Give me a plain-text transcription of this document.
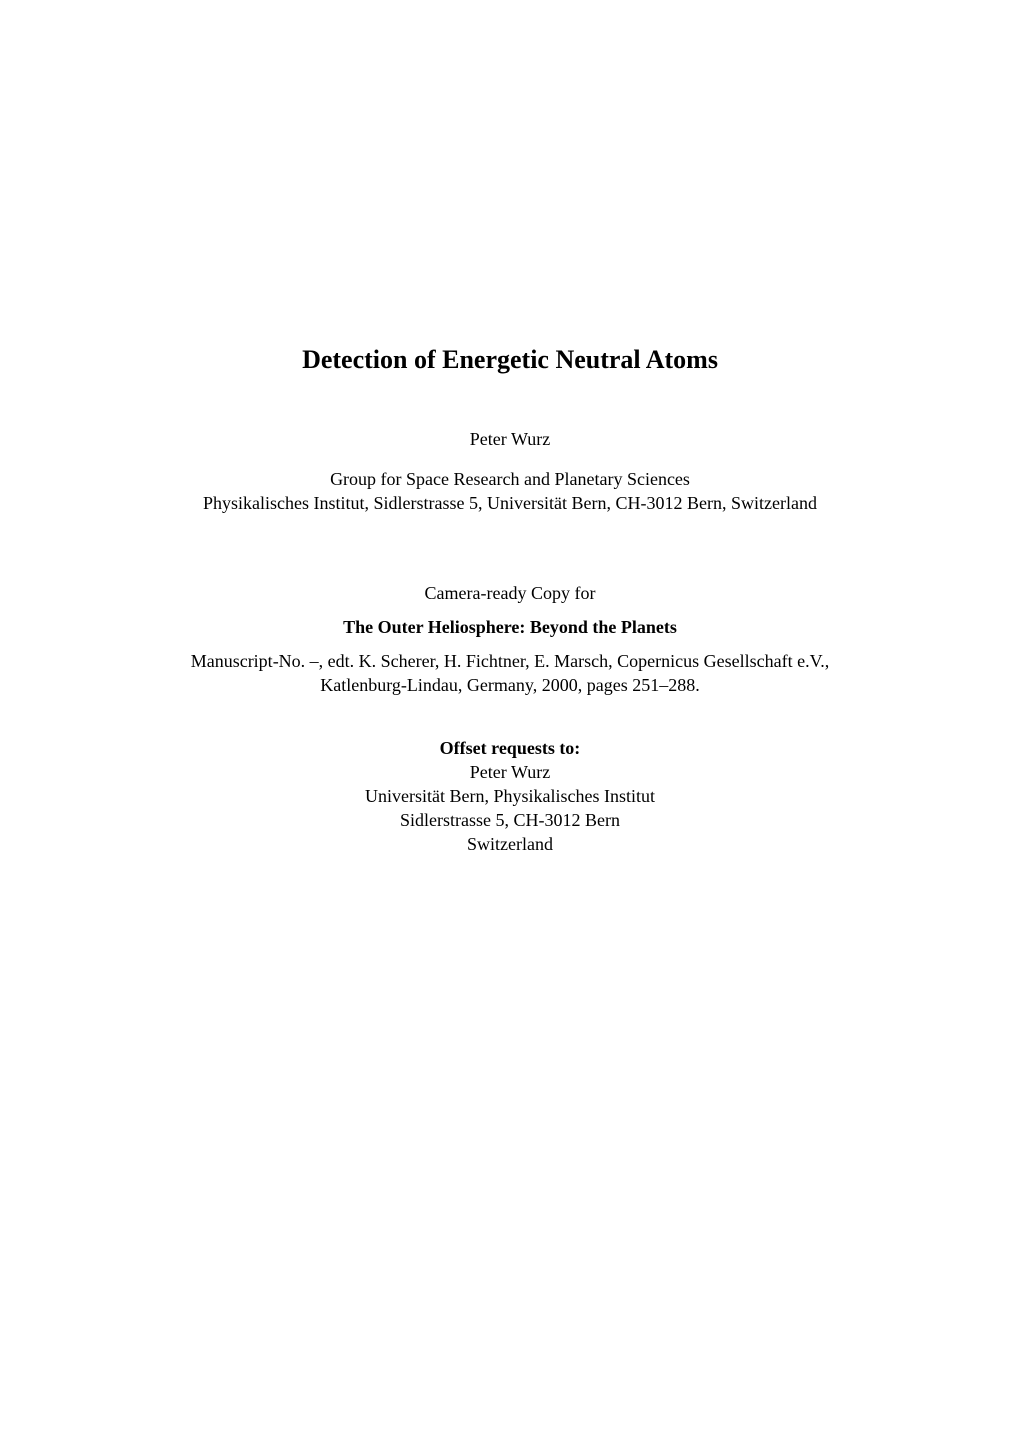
Detection of Energetic Neutral Atoms
Peter Wurz
Group for Space Research and Planetary Sciences
Physikalisches Institut, Sidlerstrasse 5, Universität Bern, CH-3012 Bern, Switzerland
Camera-ready Copy for
The Outer Heliosphere: Beyond the Planets
Manuscript-No. –, edt. K. Scherer, H. Fichtner, E. Marsch, Copernicus Gesellschaft e.V.,
Katlenburg-Lindau, Germany, 2000, pages 251–288.
Offset requests to:
Peter Wurz
Universität Bern, Physikalisches Institut
Sidlerstrasse 5, CH-3012 Bern
Switzerland
